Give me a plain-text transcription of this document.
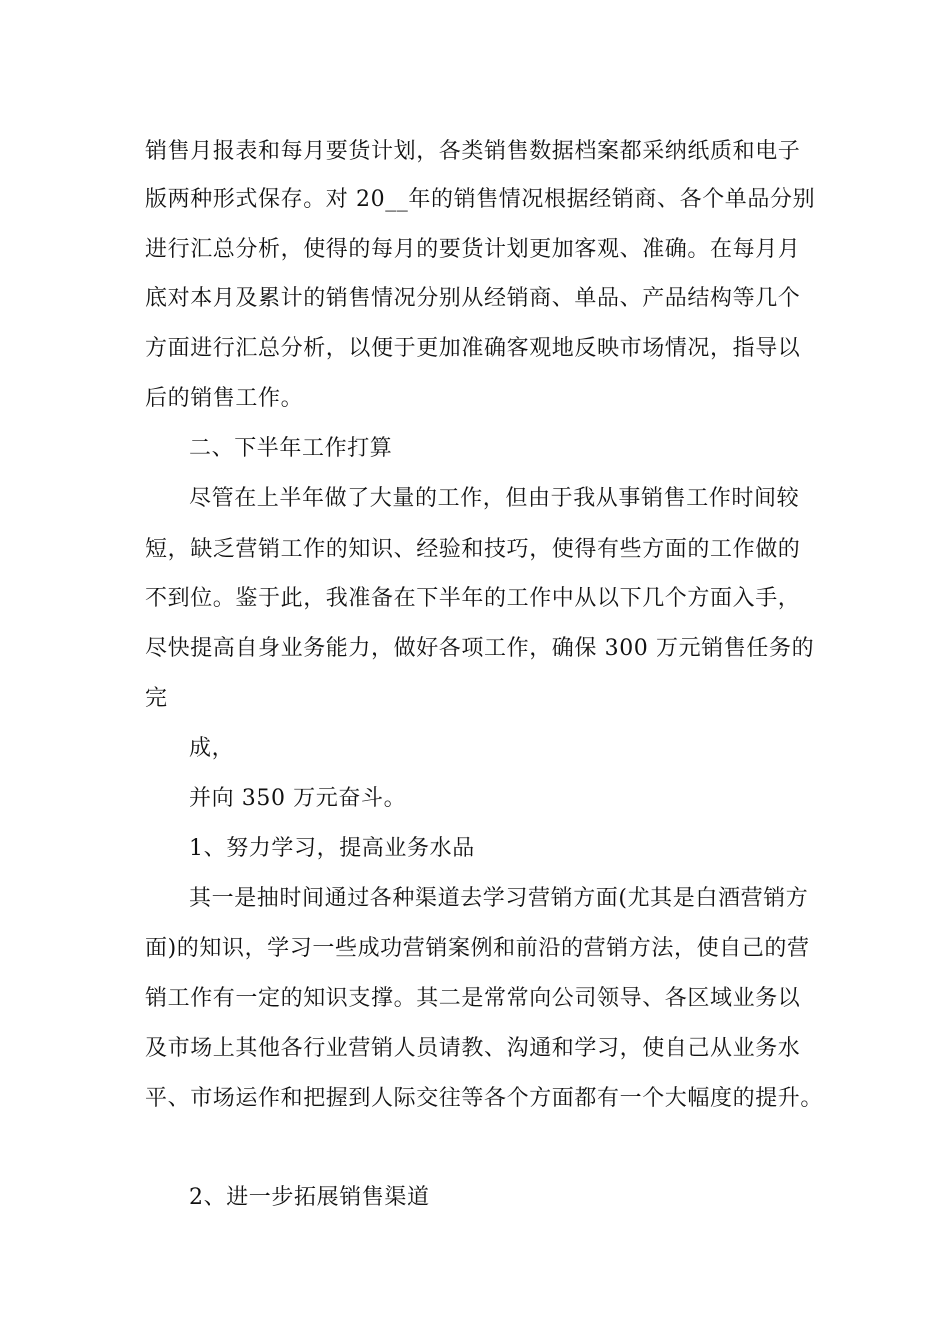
销售月报表和每月要货计划，各类销售数据档案都采纳纸质和电子
版两种形式保存。对 20__年的销售情况根据经销商、各个单品分别
进行汇总分析，使得的每月的要货计划更加客观、准确。在每月月
底对本月及累计的销售情况分别从经销商、单品、产品结构等几个
方面进行汇总分析，以便于更加准确客观地反映市场情况，指导以
后的销售工作。
二、下半年工作打算
尽管在上半年做了大量的工作，但由于我从事销售工作时间较
短，缺乏营销工作的知识、经验和技巧，使得有些方面的工作做的
不到位。鉴于此，我准备在下半年的工作中从以下几个方面入手，
尽快提高自身业务能力，做好各项工作，确保 300 万元销售任务的
完
成，
并向 350 万元奋斗。
1、努力学习，提高业务水品
其一是抽时间通过各种渠道去学习营销方面(尤其是白酒营销方
面)的知识，学习一些成功营销案例和前沿的营销方法，使自己的营
销工作有一定的知识支撑。其二是常常向公司领导、各区域业务以
及市场上其他各行业营销人员请教、沟通和学习，使自己从业务水
平、市场运作和把握到人际交往等各个方面都有一个大幅度的提升。
2、进一步拓展销售渠道
